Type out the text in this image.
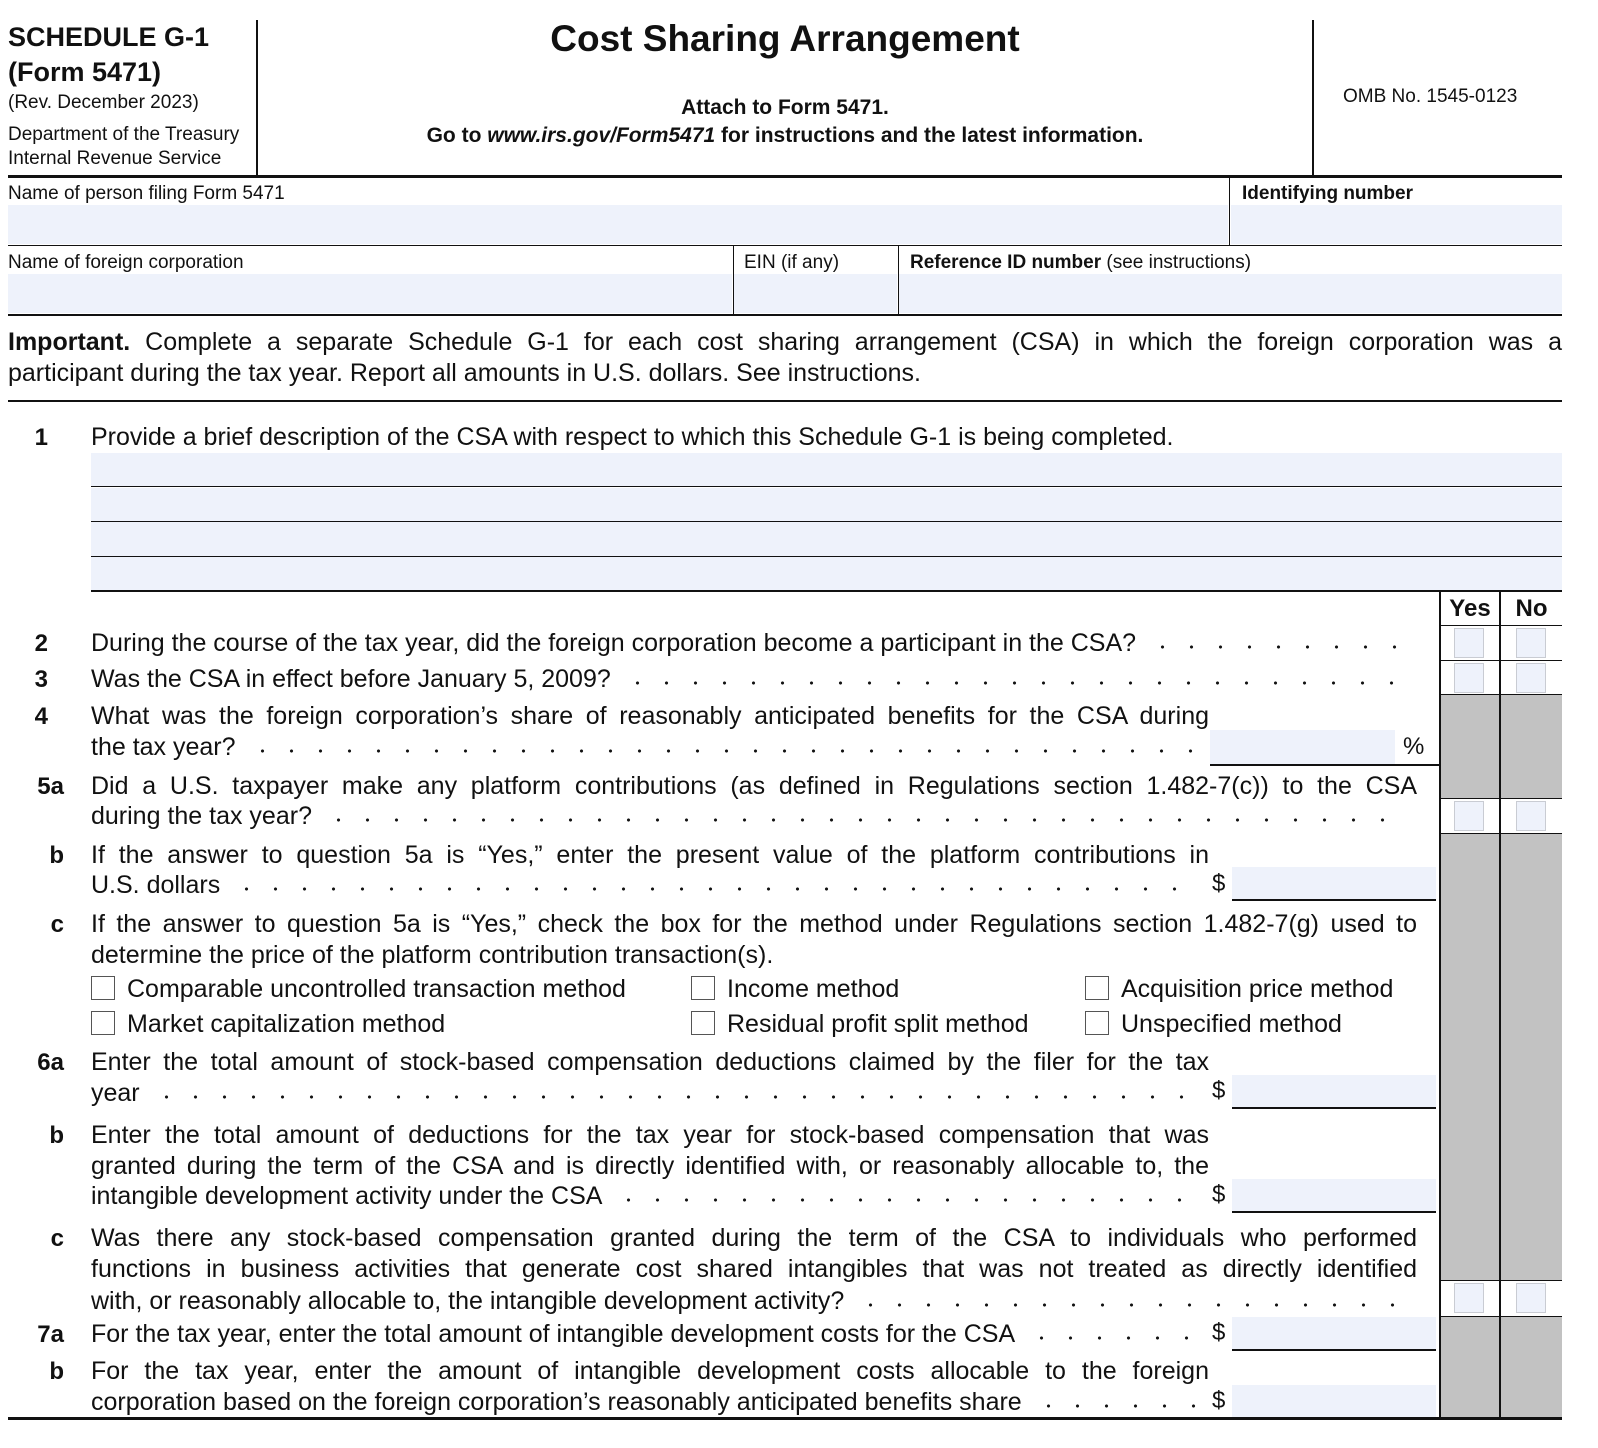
SCHEDULE G-1
(Form 5471)
(Rev. December 2023)
Department of the Treasury
Internal Revenue Service
Cost Sharing Arrangement
Attach to Form 5471.
Go to www.irs.gov/Form5471 for instructions and the latest information.
OMB No. 1545-0123
Name of person filing Form 5471	Identifying number
Name of foreign corporation	EIN (if any)	Reference ID number (see instructions)
Important. Complete a separate Schedule G-1 for each cost sharing arrangement (CSA) in which the foreign corporation was a
participant during the tax year. Report all amounts in U.S. dollars. See instructions.
1 Provide a brief description of the CSA with respect to which this Schedule G-1 is being completed.
Yes	No
2 During the course of the tax year, did the foreign corporation become a participant in the CSA?
3 Was the CSA in effect before January 5, 2009?
4 What was the foreign corporation’s share of reasonably anticipated benefits for the CSA during
the tax year?	%
5a Did a U.S. taxpayer make any platform contributions (as defined in Regulations section 1.482-7(c)) to the CSA
during the tax year?
b If the answer to question 5a is “Yes,” enter the present value of the platform contributions in
U.S. dollars	$
c If the answer to question 5a is “Yes,” check the box for the method under Regulations section 1.482-7(g) used to
determine the price of the platform contribution transaction(s).
Comparable uncontrolled transaction method	Income method	Acquisition price method
Market capitalization method	Residual profit split method	Unspecified method
6a Enter the total amount of stock-based compensation deductions claimed by the filer for the tax
year	$
b Enter the total amount of deductions for the tax year for stock-based compensation that was
granted during the term of the CSA and is directly identified with, or reasonably allocable to, the
intangible development activity under the CSA	$
c Was there any stock-based compensation granted during the term of the CSA to individuals who performed
functions in business activities that generate cost shared intangibles that was not treated as directly identified
with, or reasonably allocable to, the intangible development activity?
7a For the tax year, enter the total amount of intangible development costs for the CSA	$
b For the tax year, enter the amount of intangible development costs allocable to the foreign
corporation based on the foreign corporation’s reasonably anticipated benefits share	$
